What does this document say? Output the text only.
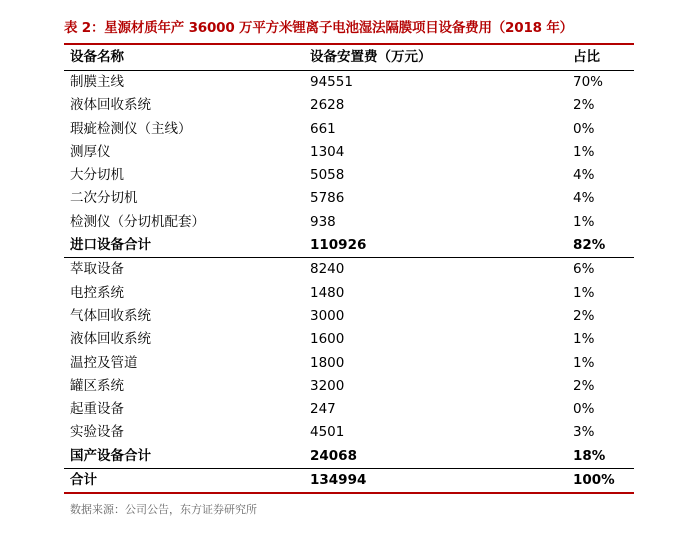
表 2：星源材质年产 36000 万平方米锂离子电池湿法隔膜项目设备费用（2018 年）
设备名称	设备安置费（万元）	占比
制膜主线	94551	70%
液体回收系统	2628	2%
瑕疵检测仪（主线）	661	0%
测厚仪	1304	1%
大分切机	5058	4%
二次分切机	5786	4%
检测仪（分切机配套）	938	1%
进口设备合计	110926	82%
萃取设备	8240	6%
电控系统	1480	1%
气体回收系统	3000	2%
液体回收系统	1600	1%
温控及管道	1800	1%
罐区系统	3200	2%
起重设备	247	0%
实验设备	4501	3%
国产设备合计	24068	18%
合计	134994	100%
数据来源：公司公告，东方证券研究所
